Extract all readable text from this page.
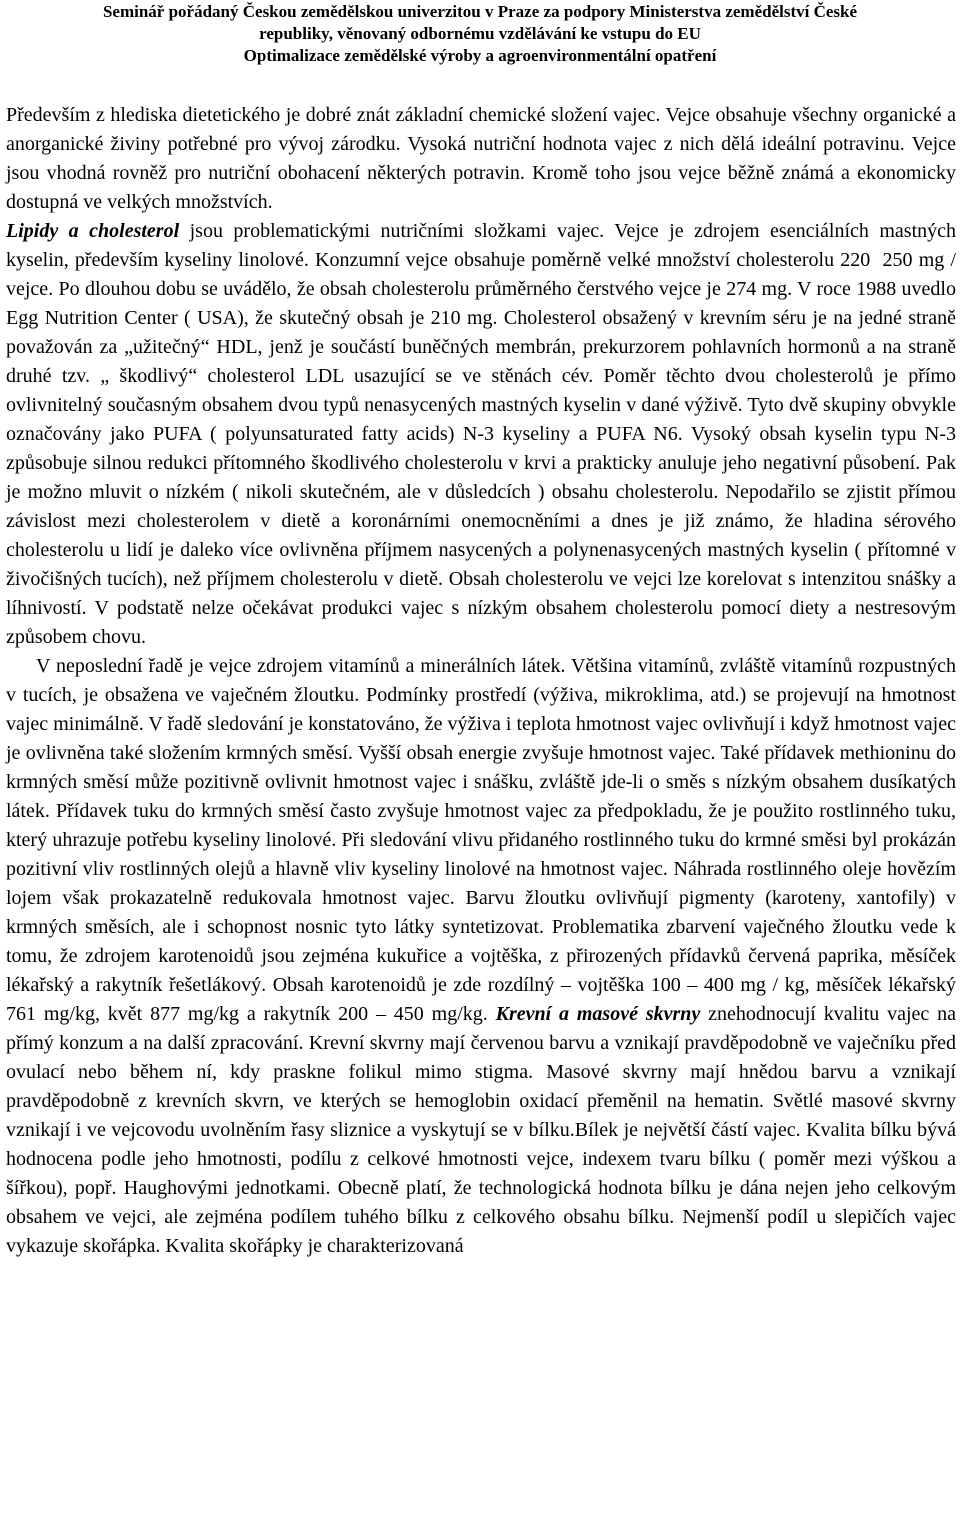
Seminář pořádaný Českou zemědělskou univerzitou v Praze za podpory Ministerstva zemědělství České
republiky, věnovaný odbornému vzdělávání ke vstupu do EU
Optimalizace zemědělské výroby a agroenvironmentální opatření

Především z hlediska dietetického je dobré znát základní chemické složení vajec. Vejce obsahuje všechny organické a anorganické živiny potřebné pro vývoj zárodku. Vysoká nutriční hodnota vajec z nich dělá ideální potravinu. Vejce jsou vhodná rovněž pro nutriční obohacení některých potravin. Kromě toho jsou vejce běžně známá a ekonomicky dostupná ve velkých množstvích.

Lipidy a cholesterol jsou problematickými nutričními složkami vajec. Vejce je zdrojem esenciálních mastných kyselin, především kyseliny linolové. Konzumní vejce obsahuje poměrně velké množství cholesterolu 220  250 mg / vejce. Po dlouhou dobu se uvádělo, že obsah cholesterolu průměrného čerstvého vejce je 274 mg. V roce 1988 uvedlo Egg Nutrition Center ( USA), že skutečný obsah je 210 mg. Cholesterol obsažený v krevním séru je na jedné straně považován za „užitečný“ HDL, jenž je součástí buněčných membrán, prekurzorem pohlavních hormonů a na straně druhé tzv. „ škodlivý“ cholesterol LDL usazující se ve stěnách cév. Poměr těchto dvou cholesterolů je přímo ovlivnitelný současným obsahem dvou typů nenasycených mastných kyselin v dané výživě. Tyto dvě skupiny obvykle označovány jako PUFA ( polyunsaturated fatty acids) N-3 kyseliny a PUFA N6. Vysoký obsah kyselin typu N-3 způsobuje silnou redukci přítomného škodlivého cholesterolu v krvi a prakticky anuluje jeho negativní působení. Pak je možno mluvit o nízkém ( nikoli skutečném, ale v důsledcích ) obsahu cholesterolu. Nepodařilo se zjistit přímou závislost mezi cholesterolem v dietě a koronárními onemocněními a dnes je již známo, že hladina sérového cholesterolu u lidí je daleko více ovlivněna příjmem nasycených a polynenasycených mastných kyselin ( přítomné v živočišných tucích), než příjmem cholesterolu v dietě. Obsah cholesterolu ve vejci lze korelovat s intenzitou snášky a líhnivostí. V podstatě nelze očekávat produkci vajec s nízkým obsahem cholesterolu pomocí diety a nestresovým způsobem chovu.

V neposlední řadě je vejce zdrojem vitamínů a minerálních látek. Většina vitamínů, zvláště vitamínů rozpustných v tucích, je obsažena ve vaječném žloutku. Podmínky prostředí (výživa, mikroklima, atd.) se projevují na hmotnost vajec minimálně. V řadě sledování je konstatováno, že výživa i teplota hmotnost vajec ovlivňují i když hmotnost vajec je ovlivněna také složením krmných směsí. Vyšší obsah energie zvyšuje hmotnost vajec. Také přídavek methioninu do krmných směsí může pozitivně ovlivnit hmotnost vajec i snášku, zvláště jde-li o směs s nízkým obsahem dusíkatých látek. Přídavek tuku do krmných směsí často zvyšuje hmotnost vajec za předpokladu, že je použito rostlinného tuku, který uhrazuje potřebu kyseliny linolové. Při sledování vlivu přidaného rostlinného tuku do krmné směsi byl prokázán pozitivní vliv rostlinných olejů a hlavně vliv kyseliny linolové na hmotnost vajec. Náhrada rostlinného oleje hovězím lojem však prokazatelně redukovala hmotnost vajec. Barvu žloutku ovlivňují pigmenty (karoteny, xantofily) v krmných směsích, ale i schopnost nosnic tyto látky syntetizovat. Problematika zbarvení vaječného žloutku vede k tomu, že zdrojem karotenoidů jsou zejména kukuřice a vojtěška, z přirozených přídavků červená paprika, měsíček lékařský a rakytník řešetlákový. Obsah karotenoidů je zde rozdílný – vojtěška 100 – 400 mg / kg, měsíček lékařský 761 mg/kg, květ 877 mg/kg a rakytník 200 – 450 mg/kg. Krevní a masové skvrny znehodnocují kvalitu vajec na přímý konzum a na další zpracování. Krevní skvrny mají červenou barvu a vznikají pravděpodobně ve vaječníku před ovulací nebo během ní, kdy praskne folikul mimo stigma. Masové skvrny mají hnědou barvu a vznikají pravděpodobně z krevních skvrn, ve kterých se hemoglobin oxidací přeměnil na hematin. Světlé masové skvrny vznikají i ve vejcovodu uvolněním řasy sliznice a vyskytují se v bílku.Bílek je největší částí vajec. Kvalita bílku bývá hodnocena podle jeho hmotnosti, podílu z celkové hmotnosti vejce, indexem tvaru bílku ( poměr mezi výškou a šířkou), popř. Haughovými jednotkami. Obecně platí, že technologická hodnota bílku je dána nejen jeho celkovým obsahem ve vejci, ale zejména podílem tuhého bílku z celkového obsahu bílku. Nejmenší podíl u slepičích vajec vykazuje skořápka. Kvalita skořápky je charakterizovaná
